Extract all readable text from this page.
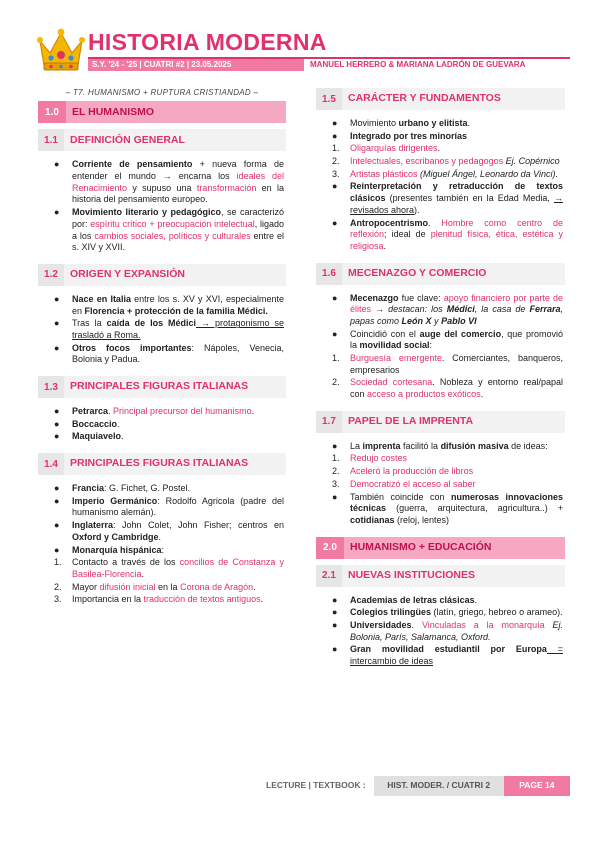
HISTORIA MODERNA
S.Y. '24 - '25 | CUATRI #2 | 23.05.2025	MANUEL HERRERO & MARIANA LADRÓN DE GUEVARA
– T7. HUMANISMO + RUPTURA CRISTIANDAD –
1.0	EL HUMANISMO
1.1	DEFINICIÓN GENERAL
●	Corriente de pensamiento + nueva forma de entender el mundo → encarna los ideales del Renacimiento y supuso una transformación en la historia del pensamiento europeo.
●	Movimiento literario y pedagógico, se caracterizó por: espíritu crítico + preocupación intelectual, ligado a los cambios sociales, políticos y culturales entre el s. XIV y XVII.
1.2	ORIGEN Y EXPANSIÓN
●	Nace en Italia entre los s. XV y XVI, especialmente en Florencia + protección de la familia Médici.
●	Tras la caída de los Médici → protagonismo se trasladó a Roma.
●	Otros focos importantes: Nápoles, Venecia, Bolonia y Padua.
1.3	PRINCIPALES FIGURAS ITALIANAS
●	Petrarca. Principal precursor del humanismo.
●	Boccaccio.
●	Maquiavelo.
1.4	PRINCIPALES FIGURAS ITALIANAS
●	Francia: G. Fichet, G. Postel.
●	Imperio Germánico: Rodolfo Agricola (padre del humanismo alemán).
●	Inglaterra: John Colet, John Fisher; centros en Oxford y Cambridge.
●	Monarquía hispánica:
1.	Contacto a través de los concilios de Constanza y Basilea-Florencia.
2.	Mayor difusión inicial en la Corona de Aragón.
3.	Importancia en la traducción de textos antiguos.
1.5	CARÁCTER Y FUNDAMENTOS
●	Movimiento urbano y elitista.
●	Integrado por tres minorías
1.	Oligarquías dirigentes.
2.	Intelectuales, escribanos y pedagogos Ej. Copérnico
3.	Artistas plásticos (Miguel Ángel, Leonardo da Vinci).
●	Reinterpretación y retraducción de textos clásicos (presentes también en la Edad Media, → revisados ahora).
●	Antropocentrismo. Hombre como centro de reflexión; ideal de plenitud física, ética, estética y religiosa.
1.6	MECENAZGO Y COMERCIO
●	Mecenazgo fue clave: apoyo financiero por parte de élites → destacan: los Médici, la casa de Ferrara, papas como León X y Pablo VI
●	Coincidió con el auge del comercio, que promovió la movilidad social:
1.	Burguesía emergente. Comerciantes, banqueros, empresarios
2.	Sociedad cortesana. Nobleza y entorno real/papal con acceso a productos exóticos.
1.7	PAPEL DE LA IMPRENTA
●	La imprenta facilitó la difusión masiva de ideas:
1.	Redujo costes
2.	Aceleró la producción de libros
3.	Democratizó el acceso al saber
●	También coincide con numerosas innovaciones técnicas (guerra, arquitectura, agricultura..) + cotidianas (reloj, lentes)
2.0	HUMANISMO + EDUCACIÓN
2.1	NUEVAS INSTITUCIONES
●	Academias de letras clásicas.
●	Colegios trilingües (latín, griego, hebreo o arameo).
●	Universidades. Vinculadas a la monarquía Ej. Bolonia, París, Salamanca, Oxford.
●	Gran movilidad estudiantil por Europa = intercambio de ideas
LECTURE | TEXTBOOK :	HIST. MODER. / CUATRI 2	PAGE 14
